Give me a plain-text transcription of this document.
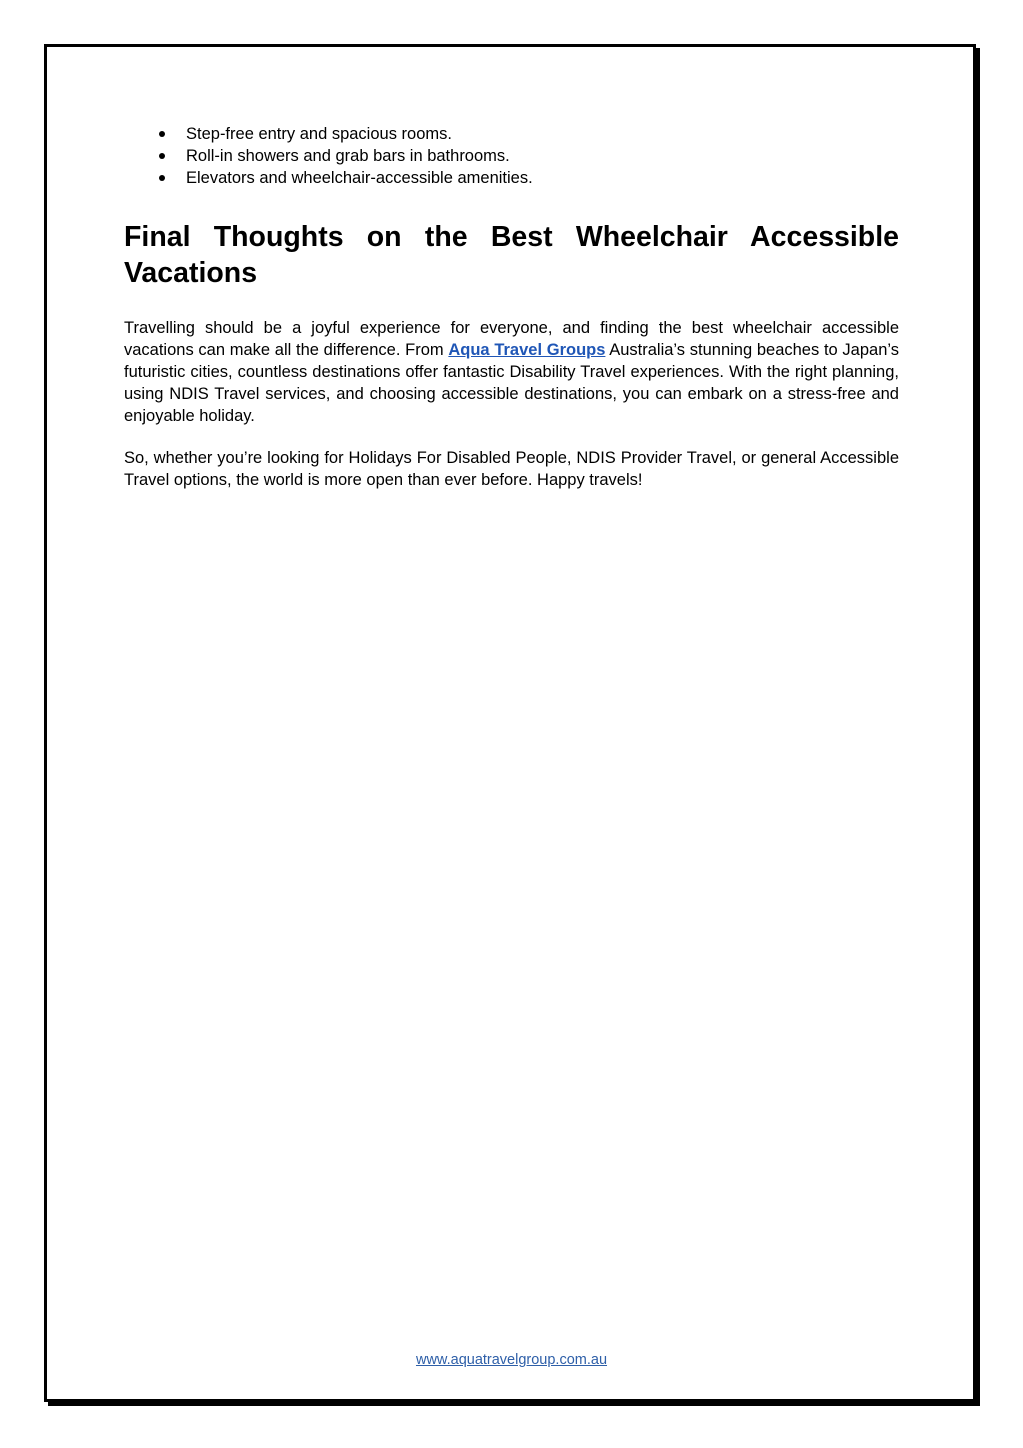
Step-free entry and spacious rooms.
Roll-in showers and grab bars in bathrooms.
Elevators and wheelchair-accessible amenities.
Final Thoughts on the Best Wheelchair Accessible Vacations

Travelling should be a joyful experience for everyone, and finding the best wheelchair accessible vacations can make all the difference. From Aqua Travel Groups Australia’s stunning beaches to Japan’s futuristic cities, countless destinations offer fantastic Disability Travel experiences. With the right planning, using NDIS Travel services, and choosing accessible destinations, you can embark on a stress-free and enjoyable holiday.

So, whether you’re looking for Holidays For Disabled People, NDIS Provider Travel, or general Accessible Travel options, the world is more open than ever before. Happy travels!

www.aquatravelgroup.com.au
